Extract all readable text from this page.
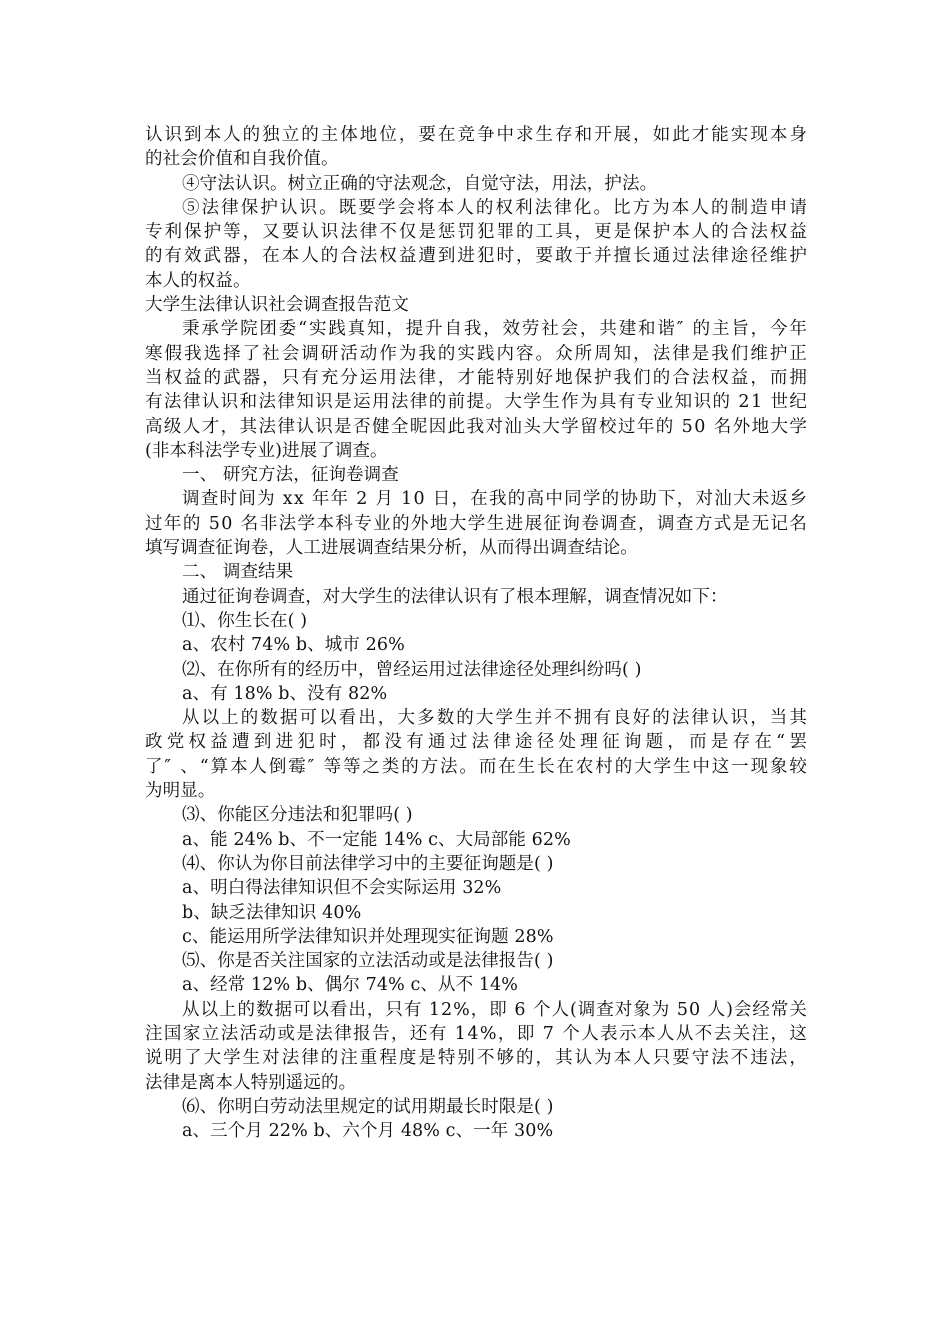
认识到本人的独立的主体地位，要在竞争中求生存和开展，如此才能实现本身
的社会价值和自我价值。
④守法认识。树立正确的守法观念，自觉守法，用法，护法。
⑤法律保护认识。既要学会将本人的权利法律化。比方为本人的制造申请
专利保护等，又要认识法律不仅是惩罚犯罪的工具，更是保护本人的合法权益
的有效武器，在本人的合法权益遭到进犯时，要敢于并擅长通过法律途径维护
本人的权益。
大学生法律认识社会调查报告范文
秉承学院团委“实践真知，提升自我，效劳社会，共建和谐″ 的主旨，今年
寒假我选择了社会调研活动作为我的实践内容。众所周知，法律是我们维护正
当权益的武器，只有充分运用法律，才能特别好地保护我们的合法权益，而拥
有法律认识和法律知识是运用法律的前提。大学生作为具有专业知识的 21 世纪
高级人才，其法律认识是否健全昵因此我对汕头大学留校过年的 50 名外地大学
(非本科法学专业)进展了调查。
一、 研究方法，征询卷调查
调查时间为 xx 年年 2 月 10 日，在我的高中同学的协助下，对汕大未返乡
过年的 50 名非法学本科专业的外地大学生进展征询卷调查，调查方式是无记名
填写调查征询卷，人工进展调查结果分析，从而得出调查结论。
二、 调查结果
通过征询卷调查，对大学生的法律认识有了根本理解，调查情况如下：
⑴、你生长在( )
a、农村 74% b、城市 26%
⑵、在你所有的经历中，曾经运用过法律途径处理纠纷吗( )
a、有 18% b、没有 82%
从以上的数据可以看出，大多数的大学生并不拥有良好的法律认识，当其
政党权益遭到进犯时，都没有通过法律途径处理征询题，而是存在“罢
了″ 、“算本人倒霉″ 等等之类的方法。而在生长在农村的大学生中这一现象较
为明显。
⑶、你能区分违法和犯罪吗( )
a、能 24% b、不一定能 14% c、大局部能 62%
⑷、你认为你目前法律学习中的主要征询题是( )
a、明白得法律知识但不会实际运用 32%
b、缺乏法律知识 40%
c、能运用所学法律知识并处理现实征询题 28%
⑸、你是否关注国家的立法活动或是法律报告( )
a、经常 12% b、偶尔 74% c、从不 14%
从以上的数据可以看出，只有 12%，即 6 个人(调查对象为 50 人)会经常关
注国家立法活动或是法律报告，还有 14%，即 7 个人表示本人从不去关注，这
说明了大学生对法律的注重程度是特别不够的，其认为本人只要守法不违法，
法律是离本人特别遥远的。
⑹、你明白劳动法里规定的试用期最长时限是( )
a、三个月 22% b、六个月 48% c、一年 30%
